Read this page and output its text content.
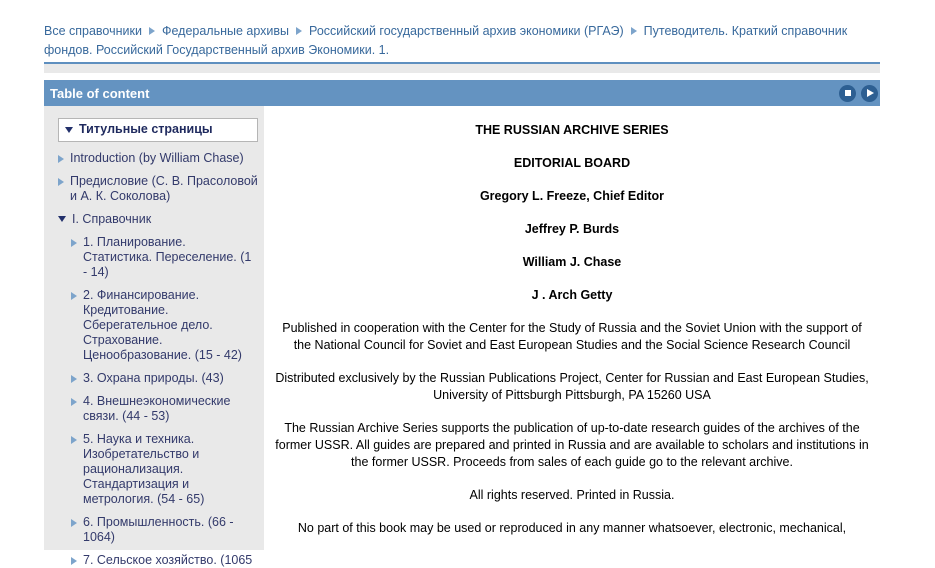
Все справочники Федеральные архивы Российский государственный архив экономики (РГАЭ) Путеводитель. Краткий справочник фондов. Российский Государственный архив Экономики. 1.
Table of content
Титульные страницы
Introduction (by William Chase)
Предисловие (С. В. Прасоловой и А. К. Соколова)
I. Справочник
1. Планирование. Статистика. Переселение. (1 - 14)
2. Финансирование. Кредитование. Сберегательное дело. Страхование. Ценообразование. (15 - 42)
3. Охрана природы. (43)
4. Внешнеэкономические связи. (44 - 53)
5. Наука и техника. Изобретательство и рационализация. Стандартизация и метрология. (54 - 65)
6. Промышленность. (66 - 1064)
7. Сельское хозяйство. (1065
THE RUSSIAN ARCHIVE SERIES
EDITORIAL BOARD
Gregory L. Freeze, Chief Editor
Jeffrey P. Burds
William J. Chase
J . Arch Getty
Published in cooperation with the Center for the Study of Russia and the Soviet Union with the support of the National Council for Soviet and East European Studies and the Social Science Research Council
Distributed exclusively by the Russian Publications Project, Center for Russian and East European Studies, University of Pittsburgh Pittsburgh, PA 15260 USA
The Russian Archive Series supports the publication of up-to-date research guides of the archives of the former USSR. All guides are prepared and printed in Russia and are available to scholars and institutions in the former USSR. Proceeds from sales of each guide go to the relevant archive.
All rights reserved. Printed in Russia.
No part of this book may be used or reproduced in any manner whatsoever, electronic, mechanical,
